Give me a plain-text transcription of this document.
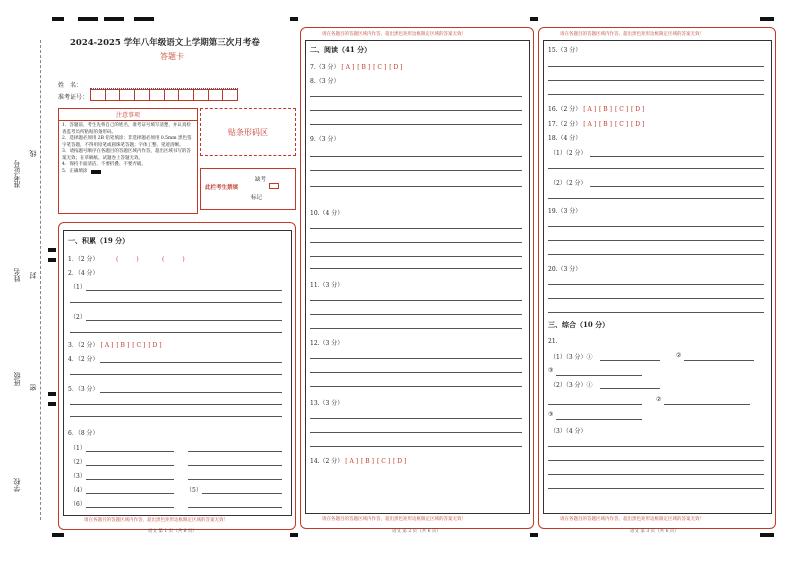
准考证号
线
姓名 封
班级
密
学校
2024-2025 学年八年级语文上学期第三次月考卷
答题卡
姓　名：
准考证号：
注意事项
1．答题前，考生先将自己的姓名，准考证号填写清楚，并认真检查监考员所粘贴的条形码。
2．选择题必须用 2B 铅笔填涂；非选择题必须用 0.5mm 黑色签字笔答题，不得用铅笔或圆珠笔答题；字体工整、笔迹清晰。
3．请按题号顺序在各题目的答题区域内作答，超出区域书写的答案无效；在草稿纸、试题卷上答题无效。
4．保持卡面清洁，不要折叠、不要弄破。
5．正确填涂
贴条形码区
此栏考生禁填
缺考
标记
一、积累（19 分）
1．（2 分）	(　　　)	(　　　)
2．（4 分）
（1）
（2）
3．（2 分） [ A ] [ B ] [ C ] [ D ]
4．（2 分）
5．（3 分）
6．（8 分）
（1）
（2）
（3）
（4）	（5）
（6）
请在各题目的答题区域内作答，超出黑色矩形边框限定区域的答案无效！
语文 第 1 页（共 6 页）
请在各题目的答题区域内作答，超出黑色矩形边框限定区域的答案无效！
二、阅读（41 分）
7.（3 分） [ A ] [ B ] [ C ] [ D ]
8.（3 分）
9.（3 分）
10.（4 分）
11.（3 分）
12.（3 分）
13.（3 分）
14.（2 分） [ A ] [ B ] [ C ] [ D ]
请在各题目的答题区域内作答，超出黑色矩形边框限定区域的答案无效！
语文 第 2 页（共 6 页）
请在各题目的答题区域内作答，超出黑色矩形边框限定区域的答案无效！
15.（3 分）
16.（2 分） [ A ] [ B ] [ C ] [ D ]
17.（2 分） [ A ] [ B ] [ C ] [ D ]
18.（4 分）
（1）（2 分）
（2）（2 分）
19.（3 分）
20.（3 分）
三、综合（10 分）
21.
（1）（3 分）①	②
③
（2）（3 分）①
②
③
（3）（4 分）
请在各题目的答题区域内作答，超出黑色矩形边框限定区域的答案无效！
语文 第 3 页（共 6 页）
